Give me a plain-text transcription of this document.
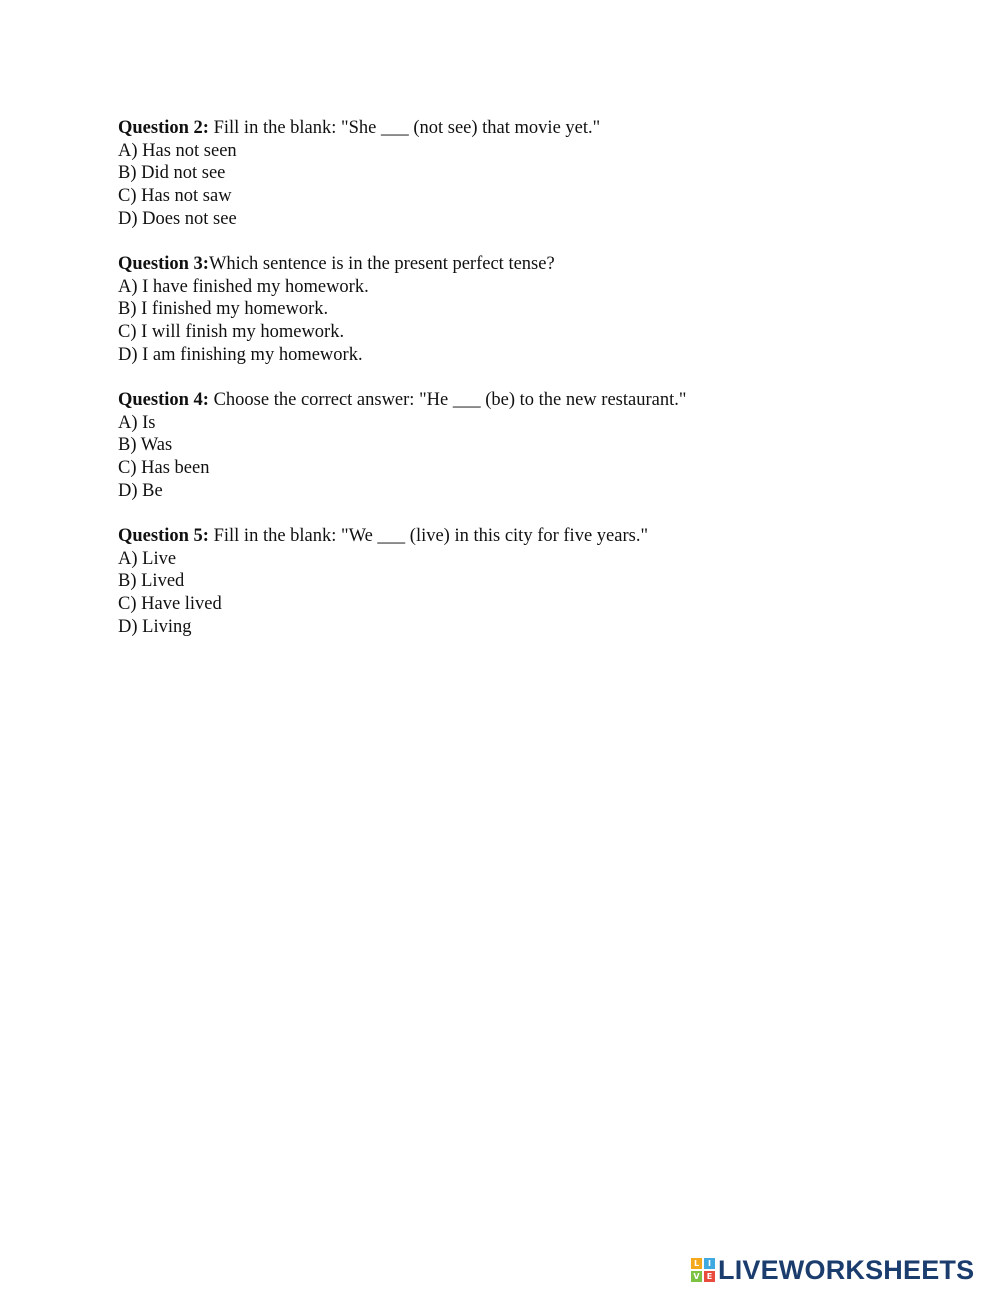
Question 2: Fill in the blank: "She ___ (not see) that movie yet."

A) Has not seen

B) Did not see

C) Has not saw

D) Does not see

Question 3:Which sentence is in the present perfect tense?

A) I have finished my homework.

B) I finished my homework.

C) I will finish my homework.

D) I am finishing my homework.

Question 4: Choose the correct answer: "He ___ (be) to the new restaurant."

A) Is

B) Was

C) Has been

D) Be

Question 5: Fill in the blank: "We ___ (live) in this city for five years."

A) Live

B) Lived

C) Have lived

D) Living

L	I
V E LIVEWORKSHEETS
